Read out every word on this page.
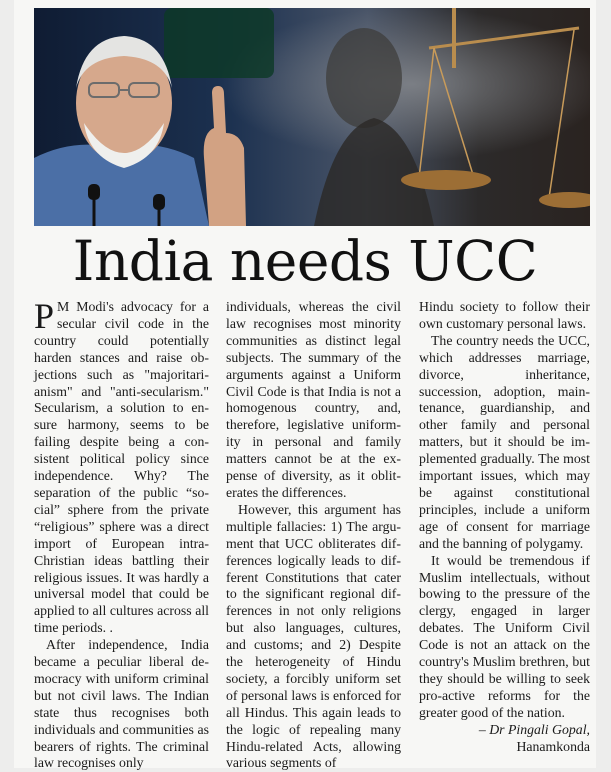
India needs UCC

P M Modi's advocacy for a secular civil code in the country could potentially harden stances and raise objections such as "majoritarianism" and "anti-secularism." Secularism, a solution to ensure harmony, seems to be failing despite being a consistent political policy since independence. Why? The separation of the public “social” sphere from the private “religious” sphere was a direct import of European intra-Christian ideas battling their religious issues. It was hardly a universal model that could be applied to all cultures across all time periods. .

After independence, India became a peculiar liberal democracy with uniform criminal but not civil laws. The Indian state thus recognises both individuals and communities as bearers of rights. The criminal law recognises only

individuals, whereas the civil law recognises most minority communities as distinct legal subjects. The summary of the arguments against a Uniform Civil Code is that India is not a homogenous country, and, therefore, legislative uniformity in personal and family matters cannot be at the expense of diversity, as it obliterates the differences.

However, this argument has multiple fallacies: 1) The argument that UCC obliterates differences logically leads to different Constitutions that cater to the significant regional differences in not only religions but also languages, cultures, and customs; and 2) Despite the heterogeneity of Hindu society, a forcibly uniform set of personal laws is enforced for all Hindus. This again leads to the logic of repealing many Hindu-related Acts, allowing various segments of

Hindu society to follow their own customary personal laws.

The country needs the UCC, which addresses marriage, divorce, inheritance, succession, adoption, maintenance, guardianship, and other family and personal matters, but it should be implemented gradually. The most important issues, which may be against constitutional principles, include a uniform age of consent for marriage and the banning of polygamy.

It would be tremendous if Muslim intellectuals, without bowing to the pressure of the clergy, engaged in larger debates. The Uniform Civil Code is not an attack on the country's Muslim brethren, but they should be willing to seek pro-active reforms for the greater good of the nation.

– Dr Pingali Gopal,

Hanamkonda
